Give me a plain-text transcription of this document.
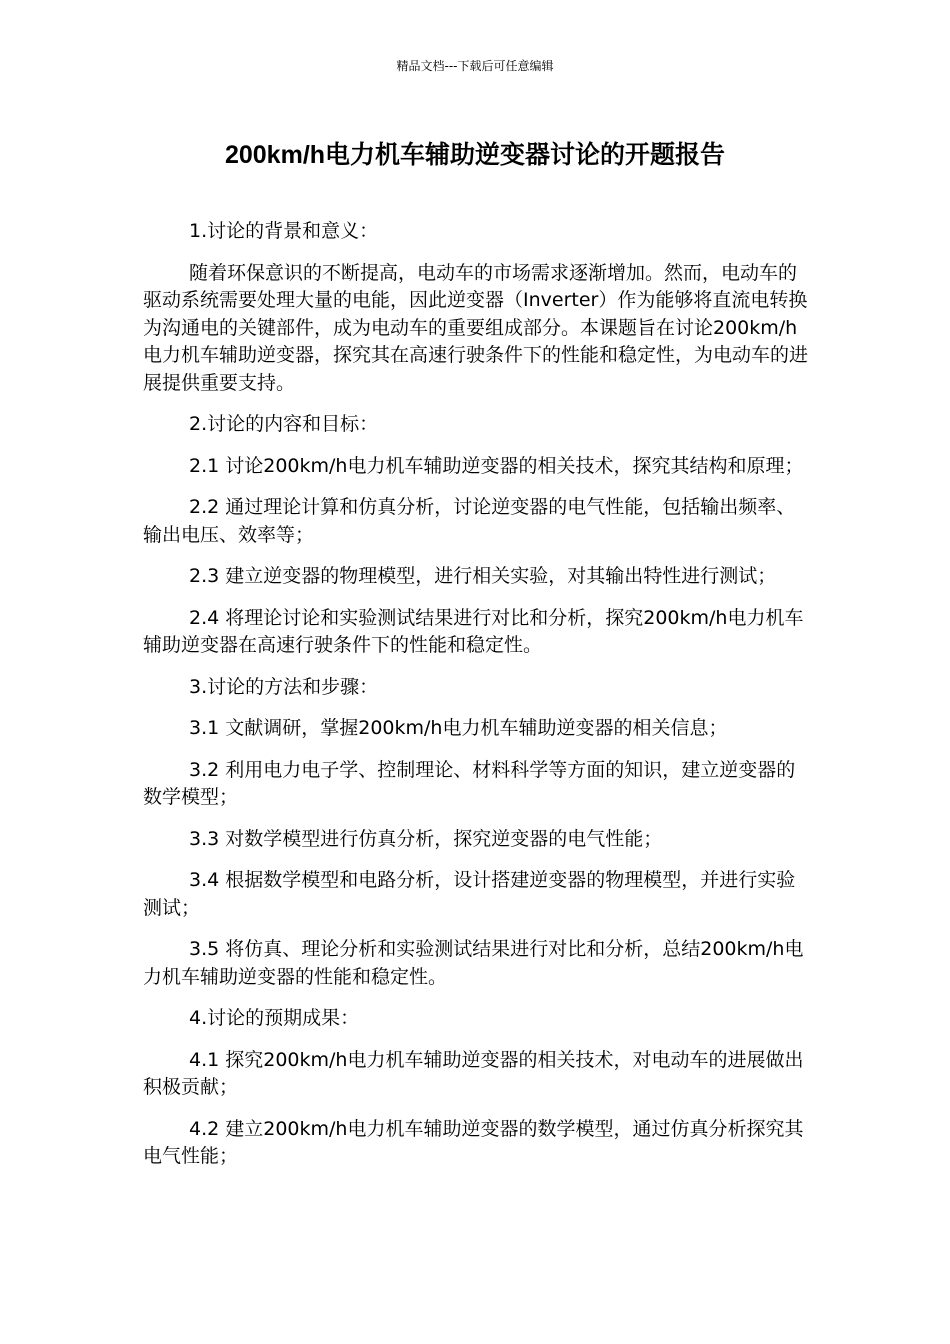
精品文档---下载后可任意编辑
200km/h电力机车辅助逆变器讨论的开题报告

1.讨论的背景和意义：

随着环保意识的不断提高，电动车的市场需求逐渐增加。然而，电动车的驱动系统需要处理大量的电能，因此逆变器（Inverter）作为能够将直流电转换为沟通电的关键部件，成为电动车的重要组成部分。本课题旨在讨论200km/h电力机车辅助逆变器，探究其在高速行驶条件下的性能和稳定性，为电动车的进展提供重要支持。

2.讨论的内容和目标：

2.1 讨论200km/h电力机车辅助逆变器的相关技术，探究其结构和原理；

2.2 通过理论计算和仿真分析，讨论逆变器的电气性能，包括输出频率、输出电压、效率等；

2.3 建立逆变器的物理模型，进行相关实验，对其输出特性进行测试；

2.4 将理论讨论和实验测试结果进行对比和分析，探究200km/h电力机车辅助逆变器在高速行驶条件下的性能和稳定性。

3.讨论的方法和步骤：

3.1 文献调研，掌握200km/h电力机车辅助逆变器的相关信息；

3.2 利用电力电子学、控制理论、材料科学等方面的知识，建立逆变器的数学模型；

3.3 对数学模型进行仿真分析，探究逆变器的电气性能；

3.4 根据数学模型和电路分析，设计搭建逆变器的物理模型，并进行实验测试；

3.5 将仿真、理论分析和实验测试结果进行对比和分析，总结200km/h电力机车辅助逆变器的性能和稳定性。

4.讨论的预期成果：

4.1 探究200km/h电力机车辅助逆变器的相关技术，对电动车的进展做出积极贡献；

4.2 建立200km/h电力机车辅助逆变器的数学模型，通过仿真分析探究其电气性能；
